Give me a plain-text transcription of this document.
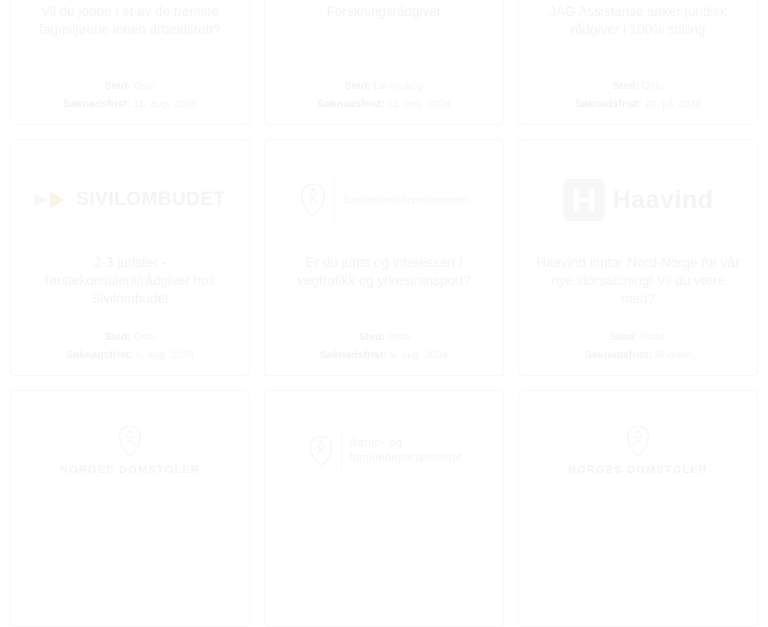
Vil du jobbe i et av de fremste fagmiljøene innen arbeidsrett?
Sted: Oslo
Søknadsfrist: 11. aug. 2024
Forskningsrådgiver
Sted: Lørenskog
Søknadsfrist: 11. aug. 2024
JAG Assistanse søker juridisk rådgiver i 100% stilling
Sted: Oslo
Søknadsfrist: 20. juli 2024
SIVILOMBUDET
2-3 jurister - førstekonsulent/rådgiver hos Sivilombudet
Sted: Oslo
Søknadsfrist: 6. aug. 2024
Samferdselsdepartementet
Er du jurist og interessert i vegtrafikk og yrkestransport?
Sted: Oslo
Søknadsfrist: 9. aug. 2024
Haavind
Haavind inntar Nord-Norge for vår nye storsatsning! Vil du være med?
Sted: Bodø
Søknadsfrist: Snarest
NORGES DOMSTOLER
Barne- og familiedepartementet
NORGES DOMSTOLER
